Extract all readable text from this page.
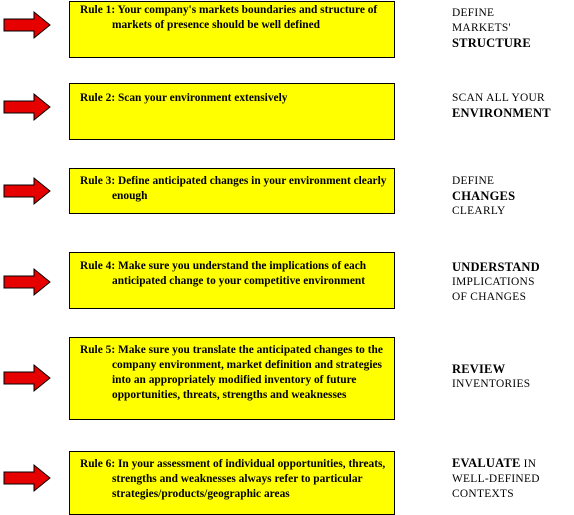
Rule 1: Your company's markets boundaries and structure of markets of presence should be well defined
DEFINE
MARKETS'
STRUCTURE
Rule 2: Scan your environment extensively	SCAN ALL YOUR
ENVIRONMENT
Rule 3: Define anticipated changes in your environment clearly enough
DEFINE
CHANGES
CLEARLY
Rule 4: Make sure you understand the implications of each anticipated change to your competitive environment
UNDERSTAND
IMPLICATIONS
OF CHANGES
Rule 5: Make sure you translate the anticipated changes to the company environment, market definition and strategies into an appropriately modified inventory of future opportunities, threats, strengths and weaknesses
REVIEW
INVENTORIES
Rule 6: In your assessment of individual opportunities, threats, strengths and weaknesses always refer to particular strategies/products/geographic areas
EVALUATE IN
WELL-DEFINED
CONTEXTS
